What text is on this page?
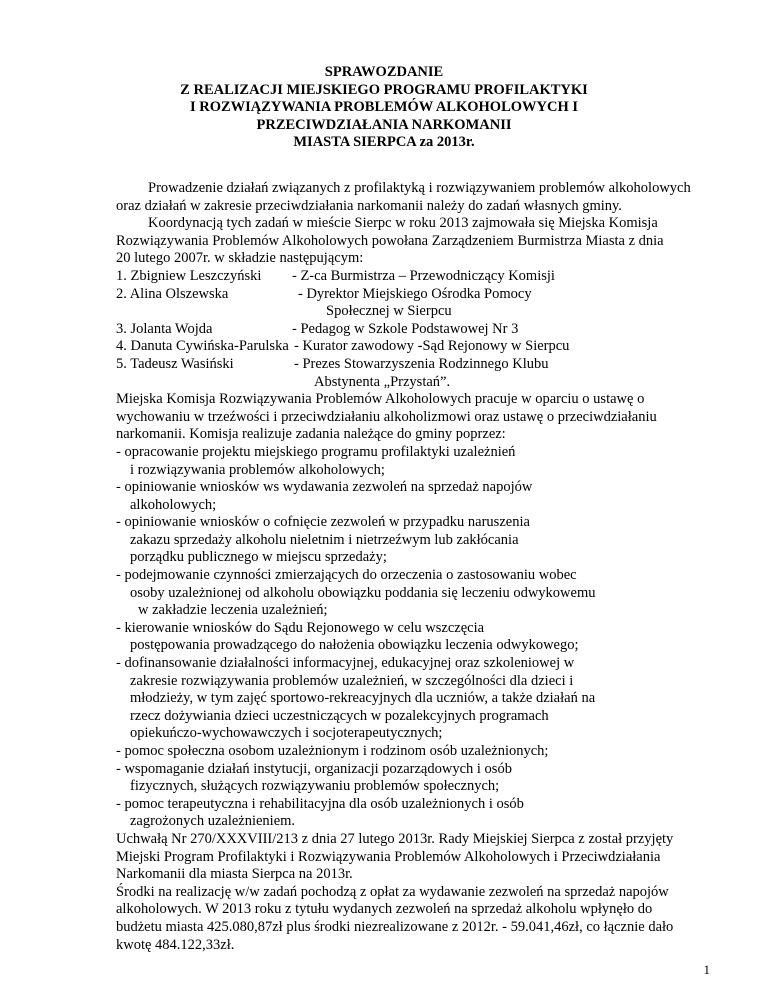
SPRAWOZDANIE
Z REALIZACJI MIEJSKIEGO PROGRAMU PROFILAKTYKI
I ROZWIĄZYWANIA PROBLEMÓW ALKOHOLOWYCH I
PRZECIWDZIAŁANIA NARKOMANII
MIASTA SIERPCA za 2013r.
Prowadzenie działań związanych z profilaktyką i rozwiązywaniem problemów alkoholowych
oraz działań w zakresie przeciwdziałania narkomanii należy do zadań własnych gminy.
Koordynacją tych zadań w mieście Sierpc w roku 2013 zajmowała się Miejska Komisja
Rozwiązywania Problemów Alkoholowych powołana Zarządzeniem Burmistrza Miasta z dnia
20 lutego 2007r. w składzie następującym:
1. Zbigniew Leszczyński - Z-ca Burmistrza – Przewodniczący Komisji
2. Alina Olszewska	- Dyrektor Miejskiego Ośrodka Pomocy
Społecznej w Sierpcu
3. Jolanta Wojda	- Pedagog w Szkole Podstawowej Nr 3
4. Danuta Cywińska-Parulska - Kurator zawodowy -Sąd Rejonowy w Sierpcu
5. Tadeusz Wasiński	- Prezes Stowarzyszenia Rodzinnego Klubu
Abstynenta „Przystań”.
Miejska Komisja Rozwiązywania Problemów Alkoholowych pracuje w oparciu o ustawę o
wychowaniu w trzeźwości i przeciwdziałaniu alkoholizmowi oraz ustawę o przeciwdziałaniu
narkomanii. Komisja realizuje zadania należące do gminy poprzez:
- opracowanie projektu miejskiego programu profilaktyki uzależnień
i rozwiązywania problemów alkoholowych;
- opiniowanie wniosków ws wydawania zezwoleń na sprzedaż napojów
alkoholowych;
- opiniowanie wniosków o cofnięcie zezwoleń w przypadku naruszenia
zakazu sprzedaży alkoholu nieletnim i nietrzeźwym lub zakłócania
porządku publicznego w miejscu sprzedaży;
- podejmowanie czynności zmierzających do orzeczenia o zastosowaniu wobec
osoby uzależnionej od alkoholu obowiązku poddania się leczeniu odwykowemu
w zakładzie leczenia uzależnień;
- kierowanie wniosków do Sądu Rejonowego w celu wszczęcia
postępowania prowadzącego do nałożenia obowiązku leczenia odwykowego;
- dofinansowanie działalności informacyjnej, edukacyjnej oraz szkoleniowej w
zakresie rozwiązywania problemów uzależnień, w szczególności dla dzieci i
młodzieży, w tym zajęć sportowo-rekreacyjnych dla uczniów, a także działań na
rzecz dożywiania dzieci uczestniczących w pozalekcyjnych programach
opiekuńczo-wychowawczych i socjoterapeutycznych;
- pomoc społeczna osobom uzależnionym i rodzinom osób uzależnionych;
- wspomaganie działań instytucji, organizacji pozarządowych i osób
fizycznych, służących rozwiązywaniu problemów społecznych;
- pomoc terapeutyczna i rehabilitacyjna dla osób uzależnionych i osób
zagrożonych uzależnieniem.
Uchwałą Nr 270/XXXVIII/213 z dnia 27 lutego 2013r. Rady Miejskiej Sierpca z został przyjęty
Miejski Program Profilaktyki i Rozwiązywania Problemów Alkoholowych i Przeciwdziałania
Narkomanii dla miasta Sierpca na 2013r.
Środki na realizację w/w zadań pochodzą z opłat za wydawanie zezwoleń na sprzedaż napojów
alkoholowych. W 2013 roku z tytułu wydanych zezwoleń na sprzedaż alkoholu wpłynęło do
budżetu miasta 425.080,87zł plus środki niezrealizowane z 2012r. - 59.041,46zł, co łącznie dało
kwotę 484.122,33zł.
1
